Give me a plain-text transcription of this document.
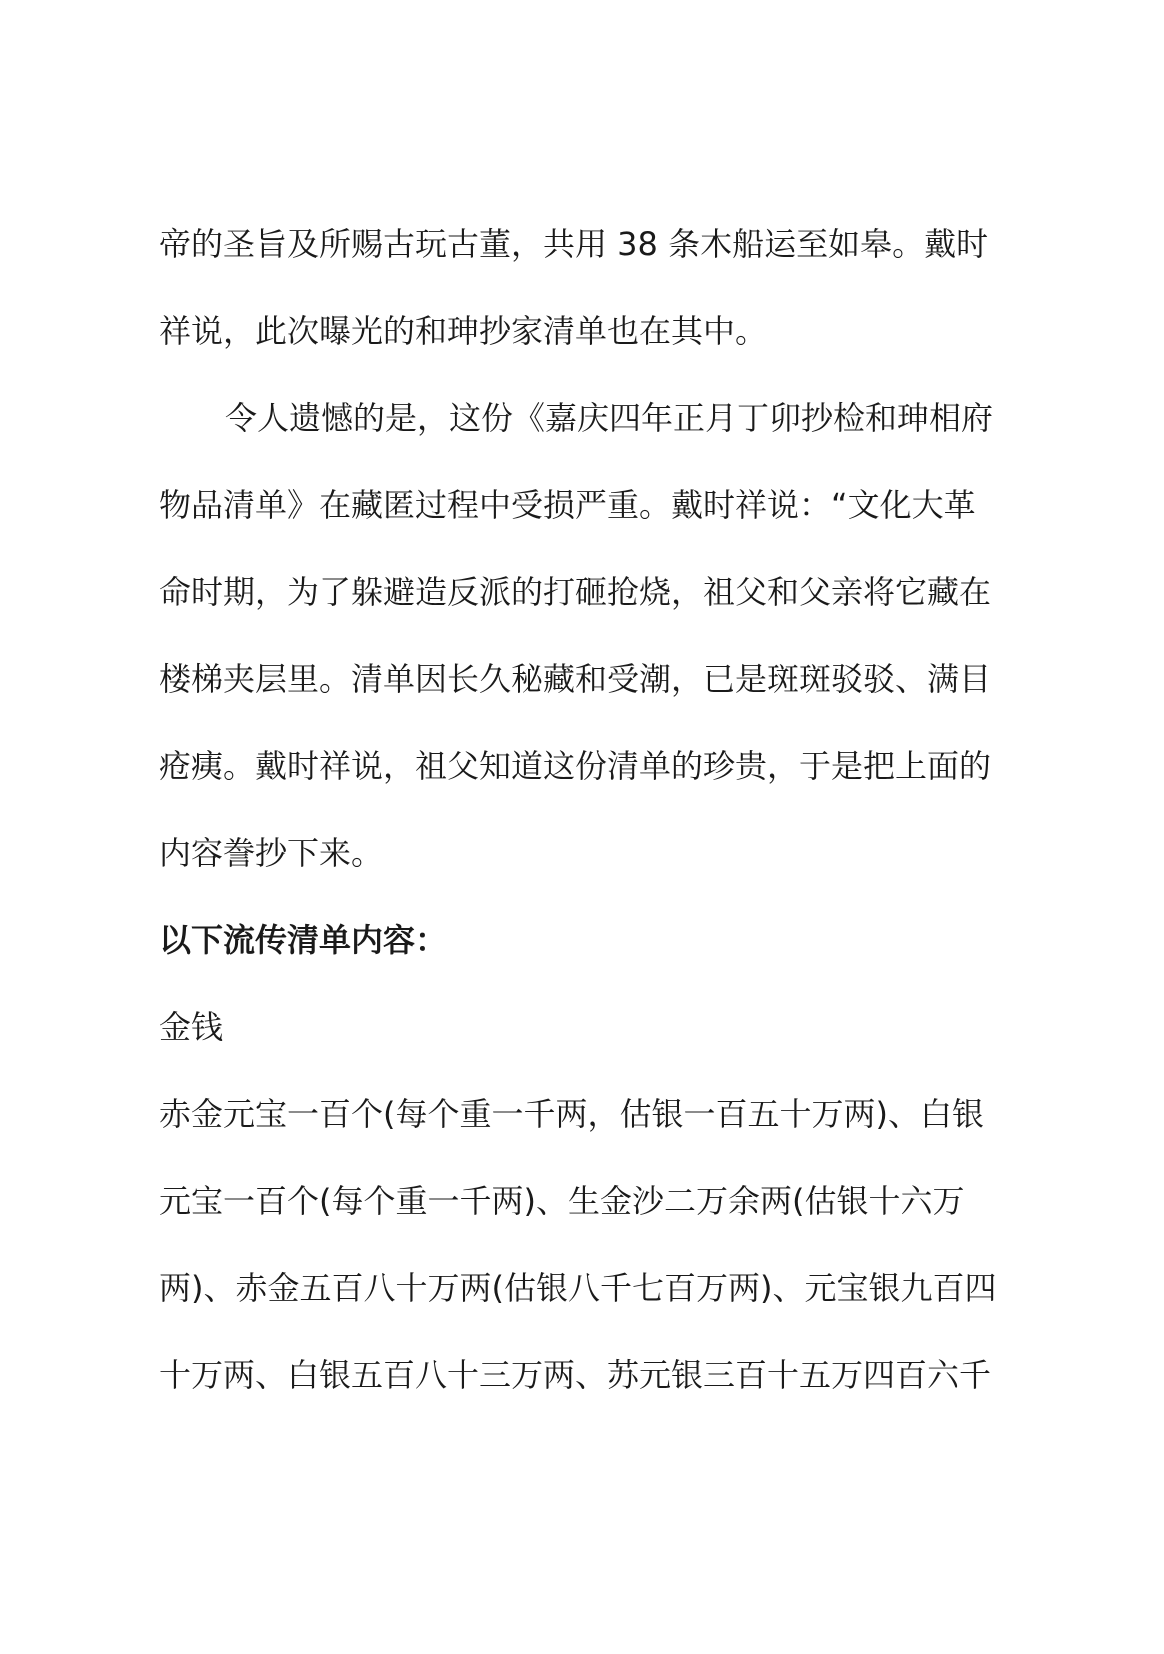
帝的圣旨及所赐古玩古董，共用 38 条木船运至如皋。戴时
祥说，此次曝光的和珅抄家清单也在其中。
令人遗憾的是，这份《嘉庆四年正月丁卯抄检和珅相府
物品清单》在藏匿过程中受损严重。戴时祥说：“文化大革
命时期，为了躲避造反派的打砸抢烧，祖父和父亲将它藏在
楼梯夹层里。清单因长久秘藏和受潮，已是斑斑驳驳、满目
疮痍。戴时祥说，祖父知道这份清单的珍贵，于是把上面的
内容誊抄下来。
以下流传清单内容：
金钱
赤金元宝一百个(每个重一千两，估银一百五十万两)、白银
元宝一百个(每个重一千两)、生金沙二万余两(估银十六万
两)、赤金五百八十万两(估银八千七百万两)、元宝银九百四
十万两、白银五百八十三万两、苏元银三百十五万四百六千
